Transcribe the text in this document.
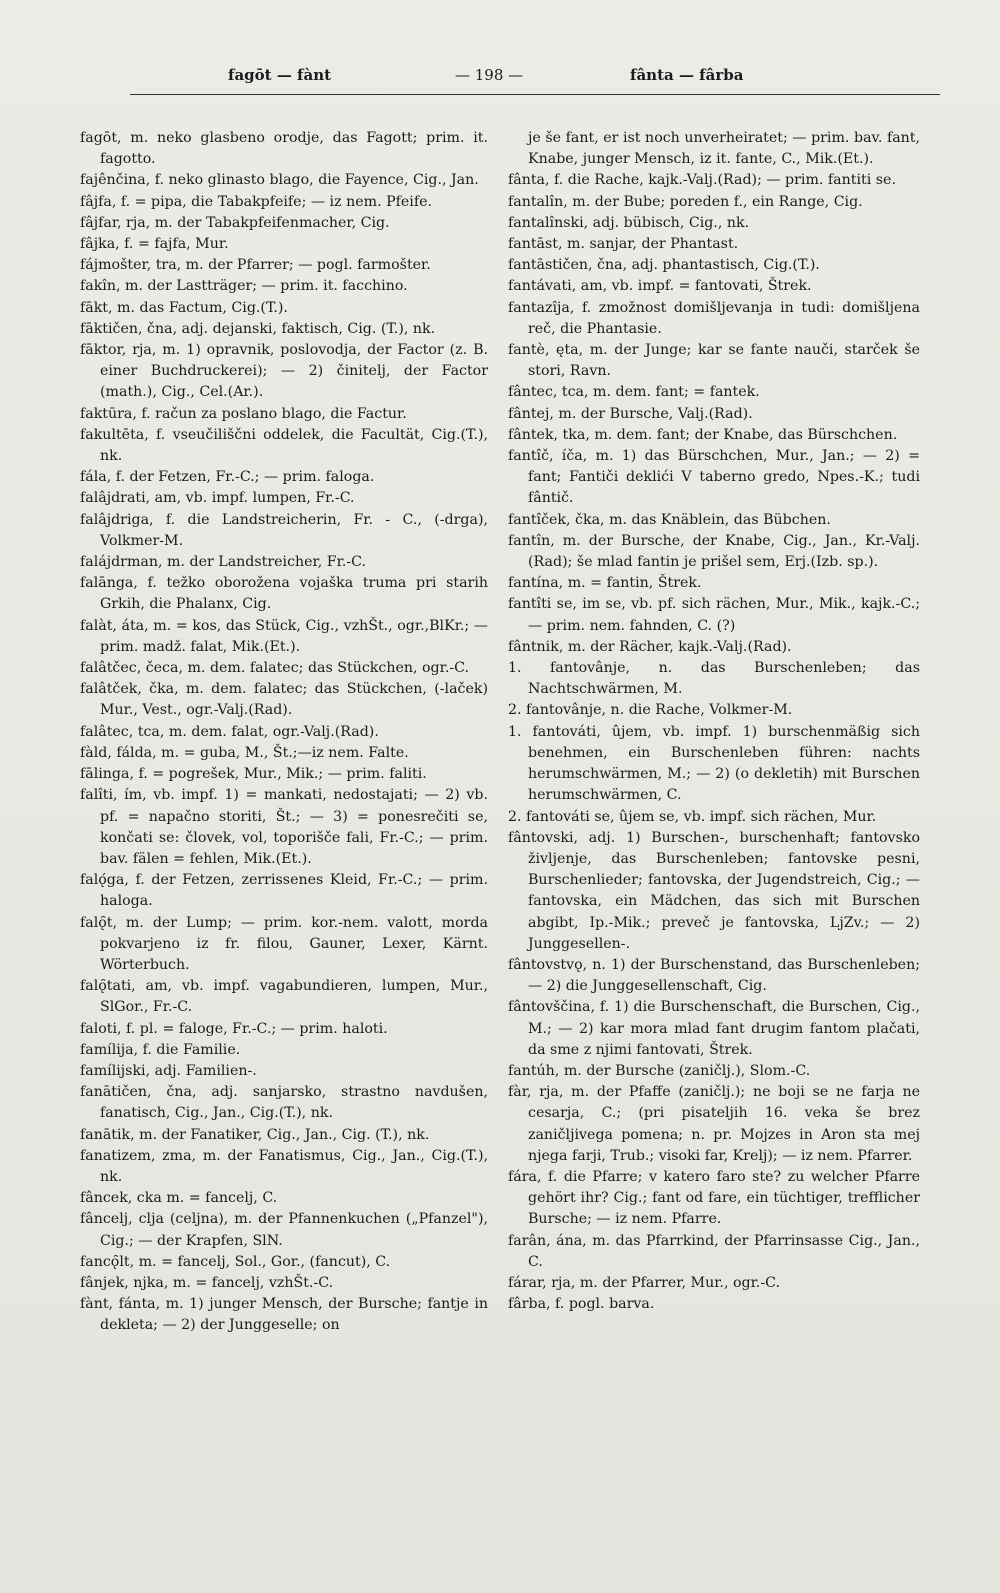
fagōt — fànt	— 198 —	fânta — fârba

fagōt, m. neko glasbeno orodje, das Fagott; prim. it. fagotto.

fajênčina, f. neko glinasto blago, die Fayence, Cig., Jan.

fâjfa, f. = pipa, die Tabakpfeife; — iz nem. Pfeife.

fâjfar, rja, m. der Tabakpfeifenmacher, Cig.

fâjka, f. = fajfa, Mur.

fájmošter, tra, m. der Pfarrer; — pogl. farmošter.

fakîn, m. der Lastträger; — prim. it. facchino.

fākt, m. das Factum, Cig.(T.).

fāktičen, čna, adj. dejanski, faktisch, Cig. (T.), nk.

fāktor, rja, m. 1) opravnik, poslovodja, der Factor (z. B. einer Buchdruckerei); — 2) činitelj, der Factor (math.), Cig., Cel.(Ar.).

faktūra, f. račun za poslano blago, die Factur.

fakultēta, f. vseučiliščni oddelek, die Facultät, Cig.(T.), nk.

fála, f. der Fetzen, Fr.-C.; — prim. faloga.

falâjdrati, am, vb. impf. lumpen, Fr.-C.

falâjdriga, f. die Landstreicherin, Fr. - C., (-drga), Volkmer-M.

falájdrman, m. der Landstreicher, Fr.-C.

falānga, f. težko oborožena vojaška truma pri starih Grkih, die Phalanx, Cig.

falàt, áta, m. = kos, das Stück, Cig., vzhŠt., ogr.,BlKr.; — prim. madž. falat, Mik.(Et.).

falâtčec, čeca, m. dem. falatec; das Stückchen, ogr.-C.

falâtček, čka, m. dem. falatec; das Stückchen, (-laček) Mur., Vest., ogr.-Valj.(Rad).

falâtec, tca, m. dem. falat, ogr.-Valj.(Rad).

fàld, fálda, m. = guba, M., Št.;—iz nem. Falte.

fālinga, f. = pogrešek, Mur., Mik.; — prim. faliti.

falîti, ím, vb. impf. 1) = mankati, nedostajati; — 2) vb. pf. = napačno storiti, Št.; — 3) = ponesrečiti se, končati se: človek, vol, toporišče fali, Fr.-C.; — prim. bav. fälen = fehlen, Mik.(Et.).

falǫ́ga, f. der Fetzen, zerrissenes Kleid, Fr.-C.; — prim. haloga.

falǫ̑t, m. der Lump; — prim. kor.-nem. valott, morda pokvarjeno iz fr. filou, Gauner, Lexer, Kärnt. Wörterbuch.

falǫ̑tati, am, vb. impf. vagabundieren, lumpen, Mur., SlGor., Fr.-C.

faloti, f. pl. = faloge, Fr.-C.; — prim. haloti.

famílija, f. die Familie.

famílijski, adj. Familien-.

fanātičen, čna, adj. sanjarsko, strastno navdušen, fanatisch, Cig., Jan., Cig.(T.), nk.

fanātik, m. der Fanatiker, Cig., Jan., Cig. (T.), nk.

fanatizem, zma, m. der Fanatismus, Cig., Jan., Cig.(T.), nk.

fâncek, cka m. = fancelj, C.

fâncelj, clja (celjna), m. der Pfannenkuchen („Pfanzel"), Cig.; — der Krapfen, SlN.

fancǫ̑lt, m. = fancelj, Sol., Gor., (fancut), C.

fânjek, njka, m. = fancelj, vzhŠt.-C.

fànt, fánta, m. 1) junger Mensch, der Bursche; fantje in dekleta; — 2) der Junggeselle; on

je še fant, er ist noch unverheiratet; — prim. bav. fant, Knabe, junger Mensch, iz it. fante, C., Mik.(Et.).

fânta, f. die Rache, kajk.-Valj.(Rad); — prim. fantiti se.

fantalîn, m. der Bube; poreden f., ein Range, Cig.

fantalînski, adj. bübisch, Cig., nk.

fantāst, m. sanjar, der Phantast.

fantāstičen, čna, adj. phantastisch, Cig.(T.).

fantávati, am, vb. impf. = fantovati, Štrek.

fantazîja, f. zmožnost domišljevanja in tudi: domišljena reč, die Phantasie.

fantè, ęta, m. der Junge; kar se fante nauči, starček še stori, Ravn.

fântec, tca, m. dem. fant; = fantek.

fântej, m. der Bursche, Valj.(Rad).

fântek, tka, m. dem. fant; der Knabe, das Bürschchen.

fantîč, íča, m. 1) das Bürschchen, Mur., Jan.; — 2) = fant; Fantiči deklići V taberno gredo, Npes.-K.; tudi fântič.

fantîček, čka, m. das Knäblein, das Bübchen.

fantîn, m. der Bursche, der Knabe, Cig., Jan., Kr.-Valj.(Rad); še mlad fantin je prišel sem, Erj.(Izb. sp.).

fantína, m. = fantin, Štrek.

fantîti se, im se, vb. pf. sich rächen, Mur., Mik., kajk.-C.; — prim. nem. fahnden, C. (?)

fântnik, m. der Rächer, kajk.-Valj.(Rad).

1. fantovânje, n. das Burschenleben; das Nachtschwärmen, M.

2. fantovânje, n. die Rache, Volkmer-M.

1. fantováti, ûjem, vb. impf. 1) burschenmäßig sich benehmen, ein Burschenleben führen: nachts herumschwärmen, M.; — 2) (o dekletih) mit Burschen herumschwärmen, C.

2. fantováti se, ûjem se, vb. impf. sich rächen, Mur.

fântovski, adj. 1) Burschen-, burschenhaft; fantovsko življenje, das Burschenleben; fantovske pesni, Burschenlieder; fantovska, der Jugendstreich, Cig.; — fantovska, ein Mädchen, das sich mit Burschen abgibt, Ip.-Mik.; preveč je fantovska, LjZv.; — 2) Junggesellen-.

fântovstvǫ, n. 1) der Burschenstand, das Burschenleben; — 2) die Junggesellenschaft, Cig.

fântovščina, f. 1) die Burschenschaft, die Burschen, Cig., M.; — 2) kar mora mlad fant drugim fantom plačati, da sme z njimi fantovati, Štrek.

fantúh, m. der Bursche (zaničlj.), Slom.-C.

fàr, rja, m. der Pfaffe (zaničlj.); ne boji se ne farja ne cesarja, C.; (pri pisateljih 16. veka še brez zaničljivega pomena; n. pr. Mojzes in Aron sta mej njega farji, Trub.; visoki far, Krelj); — iz nem. Pfarrer.

fára, f. die Pfarre; v katero faro ste? zu welcher Pfarre gehört ihr? Cig.; fant od fare, ein tüchtiger, trefflicher Bursche; — iz nem. Pfarre.

farân, ána, m. das Pfarrkind, der Pfarrinsasse Cig., Jan., C.

fárar, rja, m. der Pfarrer, Mur., ogr.-C.

fârba, f. pogl. barva.
